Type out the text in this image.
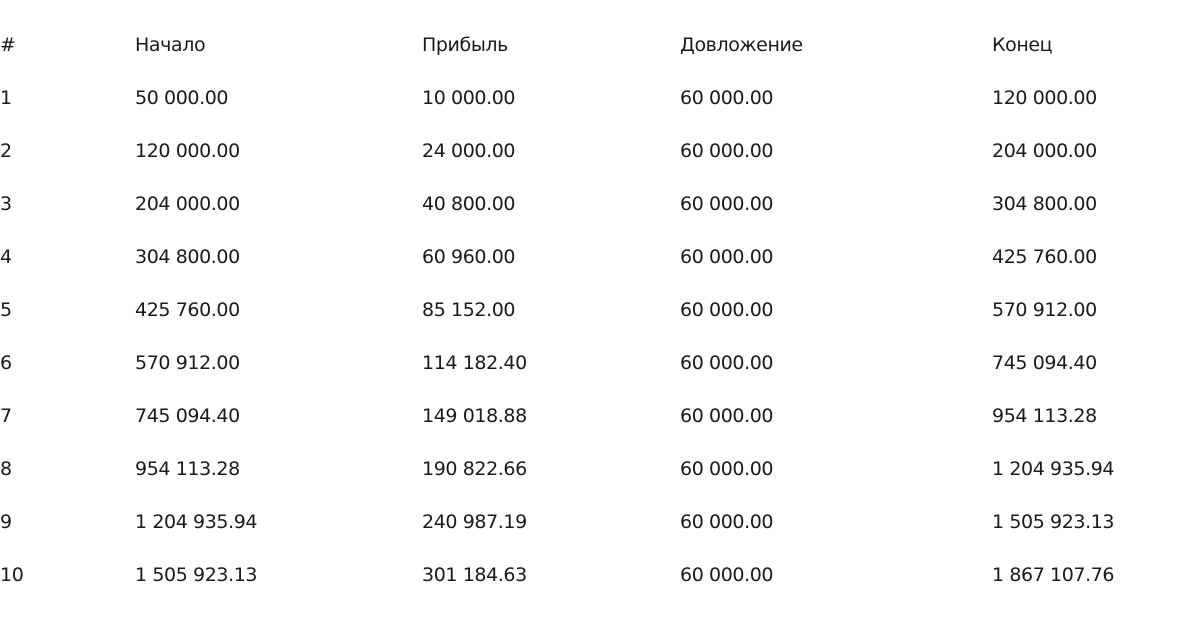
#	Начало	Прибыль	Довложение	Конец
1	50 000.00	10 000.00	60 000.00	120 000.00
2	120 000.00	24 000.00	60 000.00	204 000.00
3	204 000.00	40 800.00	60 000.00	304 800.00
4	304 800.00	60 960.00	60 000.00	425 760.00
5	425 760.00	85 152.00	60 000.00	570 912.00
6	570 912.00	114 182.40	60 000.00	745 094.40
7	745 094.40	149 018.88	60 000.00	954 113.28
8	954 113.28	190 822.66	60 000.00	1 204 935.94
9	1 204 935.94	240 987.19	60 000.00	1 505 923.13
10	1 505 923.13	301 184.63	60 000.00	1 867 107.76
